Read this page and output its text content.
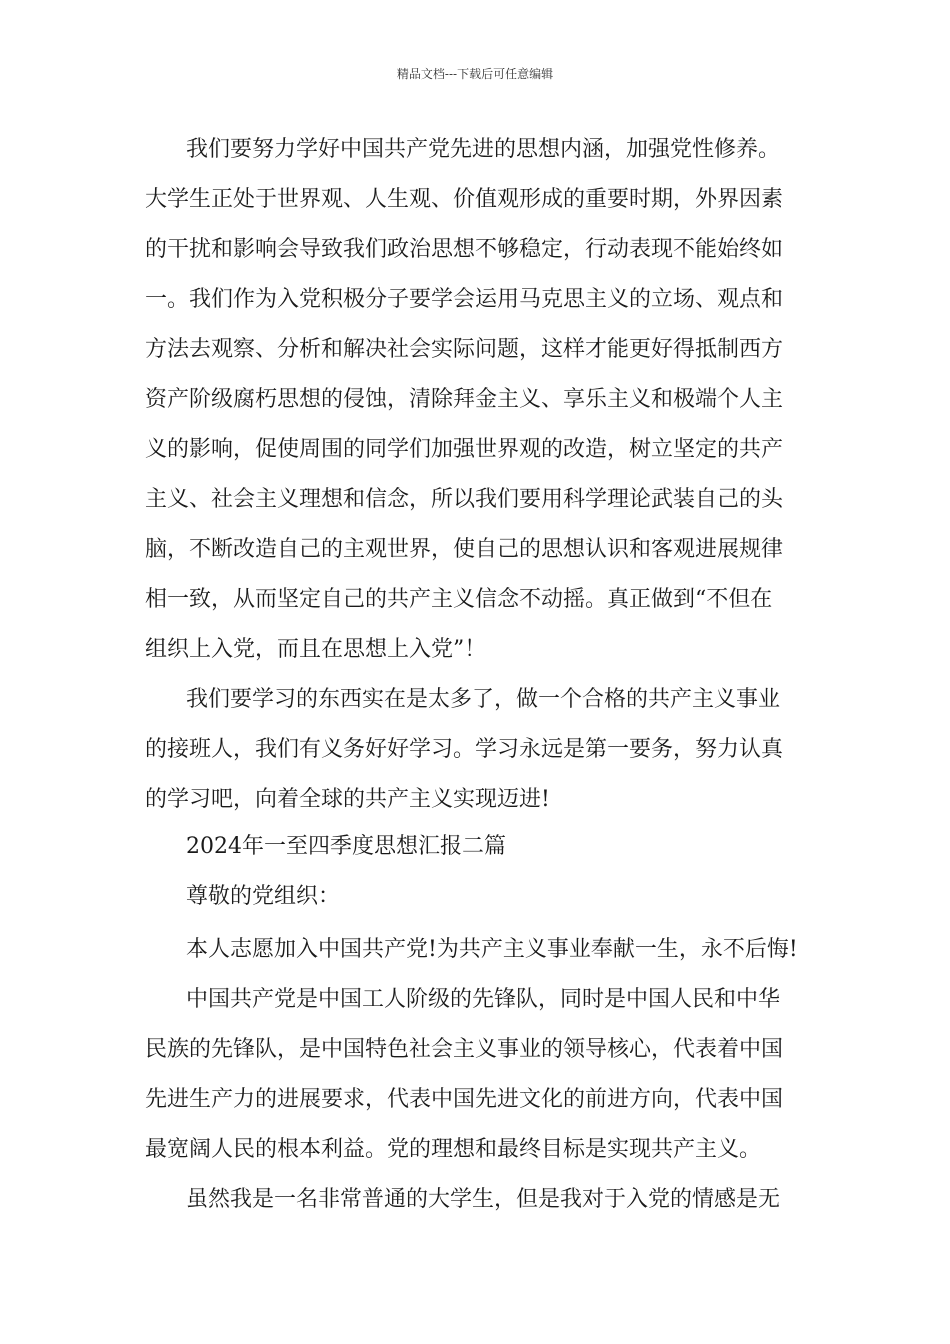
精品文档---下载后可任意编辑
我们要努力学好中国共产党先进的思想内涵，加强党性修养。
大学生正处于世界观、人生观、价值观形成的重要时期，外界因素
的干扰和影响会导致我们政治思想不够稳定，行动表现不能始终如
一。我们作为入党积极分子要学会运用马克思主义的立场、观点和
方法去观察、分析和解决社会实际问题，这样才能更好得抵制西方
资产阶级腐朽思想的侵蚀，清除拜金主义、享乐主义和极端个人主
义的影响，促使周围的同学们加强世界观的改造，树立坚定的共产
主义、社会主义理想和信念，所以我们要用科学理论武装自己的头
脑，不断改造自己的主观世界，使自己的思想认识和客观进展规律
相一致，从而坚定自己的共产主义信念不动摇。真正做到“不但在
组织上入党，而且在思想上入党”！
我们要学习的东西实在是太多了，做一个合格的共产主义事业
的接班人，我们有义务好好学习。学习永远是第一要务，努力认真
的学习吧，向着全球的共产主义实现迈进!
2024年一至四季度思想汇报二篇
尊敬的党组织：
本人志愿加入中国共产党!为共产主义事业奉献一生，永不后悔!
中国共产党是中国工人阶级的先锋队，同时是中国人民和中华
民族的先锋队，是中国特色社会主义事业的领导核心，代表着中国
先进生产力的进展要求，代表中国先进文化的前进方向，代表中国
最宽阔人民的根本利益。党的理想和最终目标是实现共产主义。
虽然我是一名非常普通的大学生，但是我对于入党的情感是无
